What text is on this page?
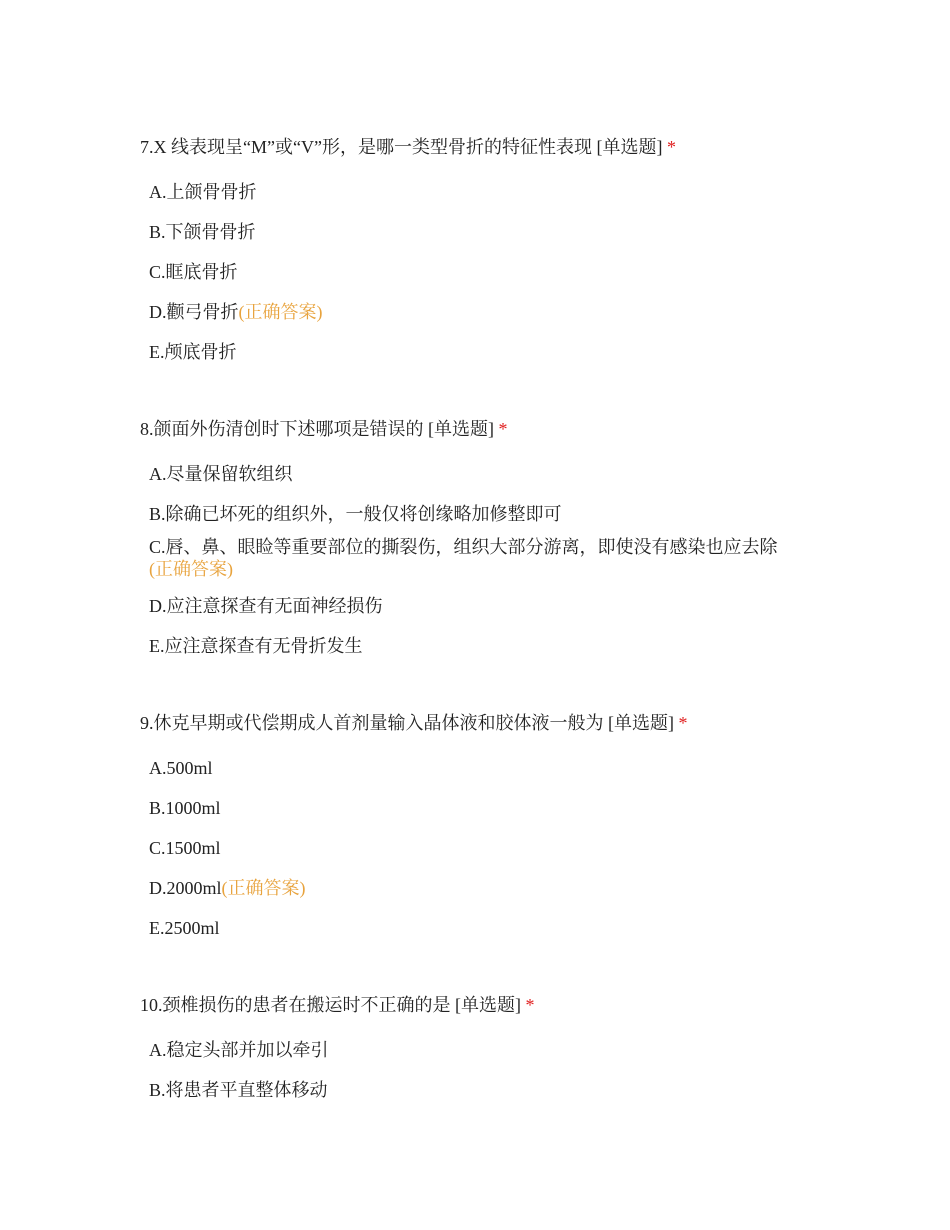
7.X 线表现呈“M”或“V”形，是哪一类型骨折的特征性表现 [单选题] *

A.上颌骨骨折
B.下颌骨骨折
C.眶底骨折
D.颧弓骨折(正确答案)
E.颅底骨折

8.颌面外伤清创时下述哪项是错误的 [单选题] *

A.尽量保留软组织
B.除确已坏死的组织外，一般仅将创缘略加修整即可
C.唇、鼻、眼睑等重要部位的撕裂伤，组织大部分游离，即使没有感染也应去除
(正确答案)
D.应注意探查有无面神经损伤
E.应注意探查有无骨折发生

9.休克早期或代偿期成人首剂量输入晶体液和胶体液一般为 [单选题] *

A.500ml
B.1000ml
C.1500ml
D.2000ml(正确答案)
E.2500ml

10.颈椎损伤的患者在搬运时不正确的是 [单选题] *

A.稳定头部并加以牵引
B.将患者平直整体移动
